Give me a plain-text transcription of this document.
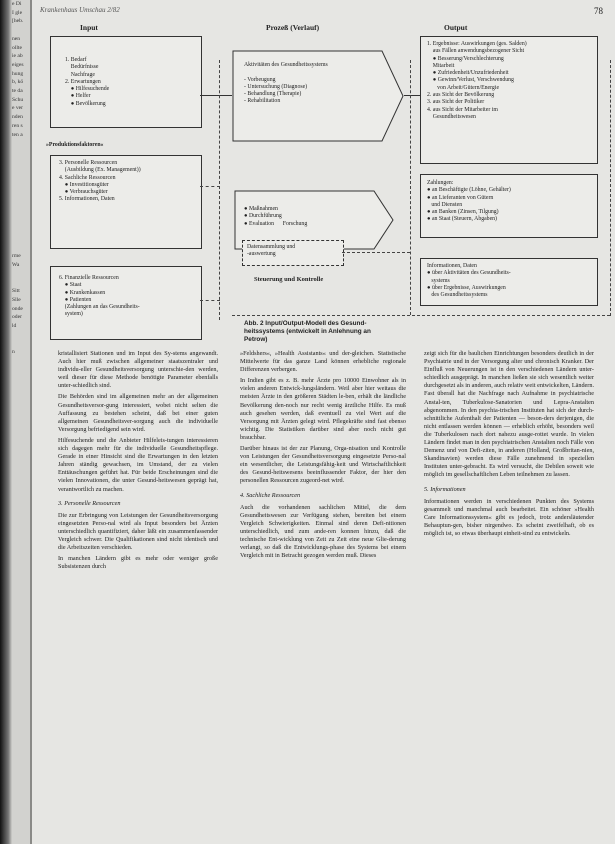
e Di
I gle
[heb.

nen
ollte
ie ab
eiges
hung
b, kö
te da
Schu
e ver
nden
ren s
ten a

rme
Wa

Sitt
Slle
onde
oder
ld

n

Krankenhaus Umschau 2/82	78
Input	Prozeß (Verlauf)	Output
1. Bedarf
Bedürfnisse
Nachfrage
2. Erwartungen
● Hilfesuchende
● Helfer
● Bevölkerung
»Produktionsfaktoren«
3. Personelle Ressourcen
(Ausbildung (Ex. Management))
4. Sachliche Ressourcen
● Investitionsgüter
● Verbrauchsgüter
5. Informationen, Daten
6. Finanzielle Ressourcen
● Staat
● Krankenkassen
● Patienten
(Zahlungen an das Gesundheits-
system)
Aktivitäten des Gesundheitssystems

- Vorbeugung
- Untersuchung (Diagnose)
- Behandlung (Therapie)
- Rehabilitation
● Maßnahmen
● Durchführung
● Evaluation      Forschung
Datensammlung und
-auswertung
Steuerung und Kontrolle
1. Ergebnisse: Auswirkungen (ges. Salden)
aus Fällen anwendungsbezogener Sicht
● Besserung/Verschlechterung
Mitarbeit
● Zufriedenheit/Unzufriedenheit
● Gewinn/Verlust, Verschwendung
von Arbeit/Gütern/Energie
2. aus Sicht der Bevölkerung
3. aus Sicht der Politiker
4. aus Sicht der Mitarbeiter im
Gesundheitswesen
Zahlungen:
● an Beschäftigte (Löhne, Gehälter)
● an Lieferanten von Gütern
und Diensten
● an Banken (Zinsen, Tilgung)
● an Staat (Steuern, Abgaben)
Informationen, Daten
● über Aktivitäten des Gesundheits-
systems
● über Ergebnisse, Auswirkungen
des Gesundheitssystems
Abb. 2 Input/Output-Modell des Gesund-
heitssystems (entwickelt in Anlehnung an
Petrow)

kristallisiert Stationen und im Input des Sy-stems angewandt. Auch hier muß zwischen allgemeiner staatszentraler und individu-eller Gesundheitsversorgung unterschie-den werden, weil dieser für diese Methode benötigte Parameter ebenfalls unter-schiedlich sind.

Die Behörden sind im allgemeinen mehr an der allgemeinen Gesundheitsversor-gung interessiert, wobei nicht selten die Auffassung zu bestehen scheint, daß bei einer guten allgemeinen Gesundheitsver-sorgung auch die individuelle Versorgung befriedigend sein wird.

Hilfesuchende und die Anbieter Hilfeleis-tungen interessieren sich dagegen mehr für die individuelle Gesundheitspflege. Gerade in einer Hinsicht sind die Erwartungen in den letzten Jahren ständig gewachsen, im Umstand, der zu vielen Enttäuschungen geführt hat. Für beide Erscheinungen sind die vielen Innovationen, die unter Gesund-heitswesen geprägt hat, verantwortlich zu machen.

3. Personelle Ressourcen

Die zur Erbringung von Leistungen der Gesundheitsversorgung eingesetzten Perso-nal wird als Input besonders bei Ärzten unterschiedlich quantifiziert, daher läßt ein zusammenfassender Vergleich schwer. Die Qualifikationen sind nicht identisch und die Arbeitszeiten verschieden.

In manchen Ländern gibt es mehr oder weniger große Subsistenzen durch

»Feldshers«, »Health Assistants« und der-gleichen. Statistische Mittelwerte für das ganze Land können erhebliche regionale Differenzen verbergen.

In Indien gibt es z. B. mehr Ärzte pro 10000 Einwohner als in vielen anderen Entwick-lungsländern. Weil aber hier weitaus die meisten Ärzte in den größeren Städten le-ben, erhält die ländliche Bevölkerung den-noch nur recht wenig ärztliche Hilfe. Es muß auch gesehen werden, daß eventuell zu viel Wert auf die Versorgung mit Ärzten gelegt wird. Pflegekräfte sind fast ebenso wichtig. Die Statistiken darüber sind aber noch nicht gut brauchbar.

Darüber hinaus ist der zur Planung, Orga-nisation und Kontrolle von Leistungen der Gesundheitsversorgung eingesetzte Perso-nal ein wesentlicher, die Leistungsfähig-keit und Wirtschaftlichkeit des Gesund-heitswesens beeinflussender Faktor, der hier den personellen Ressourcen zugeord-net wird.

4. Sachliche Ressourcen

Auch die vorhandenen sachlichen Mittel, die dem Gesundheitswesen zur Verfügung stehen, bereiten bei einem Vergleich Schwierigkeiten. Einmal sind deren Defi-nitionen unterschiedlich, und zum ande-ren konnen hinzu, daß die technische Ent-wicklung von Zeit zu Zeit eine neue Glie-derung verlangt, so daß die Entwicklungs-phase des Systems bei einem Vergleich mit in Betracht gezogen werden muß. Dieses

zeigt sich für die baulichen Einrichtungen besonders deutlich in der Psychiatrie und in der Versorgung alter und chronisch Kranker. Der Einfluß von Neuerungen ist in den verschiedenen Ländern unter-schiedlich ausgeprägt. In manchen ließen sie sich wesentlich weiter durchgesetzt als in anderen, auch relativ weit entwickelten, Ländern. Fast überall hat die Nachfrage nach Aufnahme in psychiatrische Anstal-ten, Tuberkulose-Sanatorien und Lepra-Anstalten abgenommen. In den psychia-trischen Instituten hat sich der durch-schnittliche Aufenthalt der Patienten — beson-ders derjenigen, die nicht entlassen werden können — erheblich erhöht, besonders weil die Tuberkulosen nach dort nahezu ausge-rottet wurde. In vielen Ländern findet man in den psychiatrischen Anstalten noch Fälle von Demenz und von Defi-ziten, in anderen (Holland, Großbritan-nien, Skandinavien) werden diese Fälle zunehmend in speziellen Instituten unter-gebracht. Es wird versucht, die Debilen soweit wie möglich im gesellschaftlichen Leben teilnehmen zu lassen.

5. Informationen

Informationen werden in verschiedenen Punkten des Systems gesammelt und manchmal auch bearbeitet. Ein schöner »Health Care Informationssystem« gibt es jedoch, trotz andersläutender Behauptun-gen, bisher nirgendwo. Es scheint zweifelhaft, ob es möglich ist, so etwas überhaupt einheit-sind zu entwickeln.
